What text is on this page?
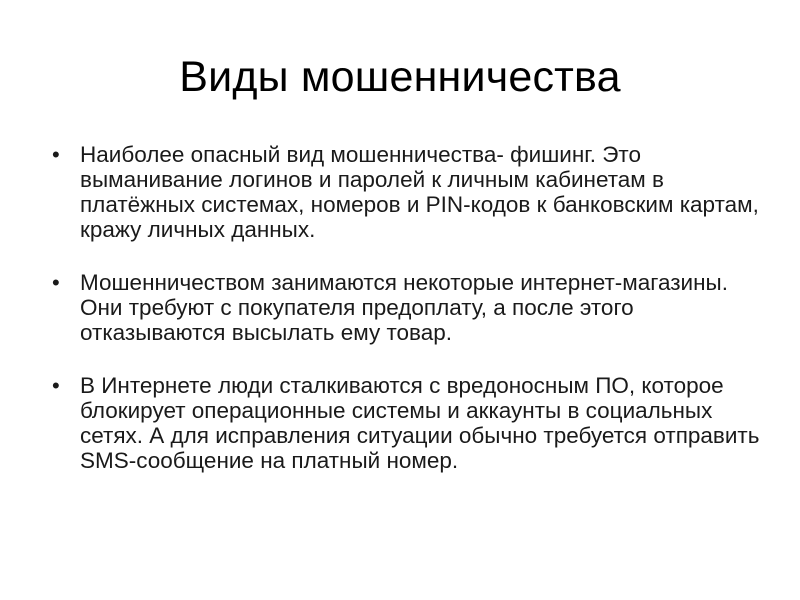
Виды мошенничества
• Наиболее опасный вид мошенничества- фишинг. Это выманивание логинов и паролей к личным кабинетам в платёжных системах, номеров и PIN-кодов к банковским картам, кражу личных данных.
• Мошенничеством занимаются некоторые интернет-магазины. Они требуют с покупателя предоплату, а после этого отказываются высылать ему товар.
• В Интернете люди сталкиваются с вредоносным ПО, которое блокирует операционные системы и аккаунты в социальных сетях. А для исправления ситуации обычно требуется отправить SMS-сообщение на платный номер.
